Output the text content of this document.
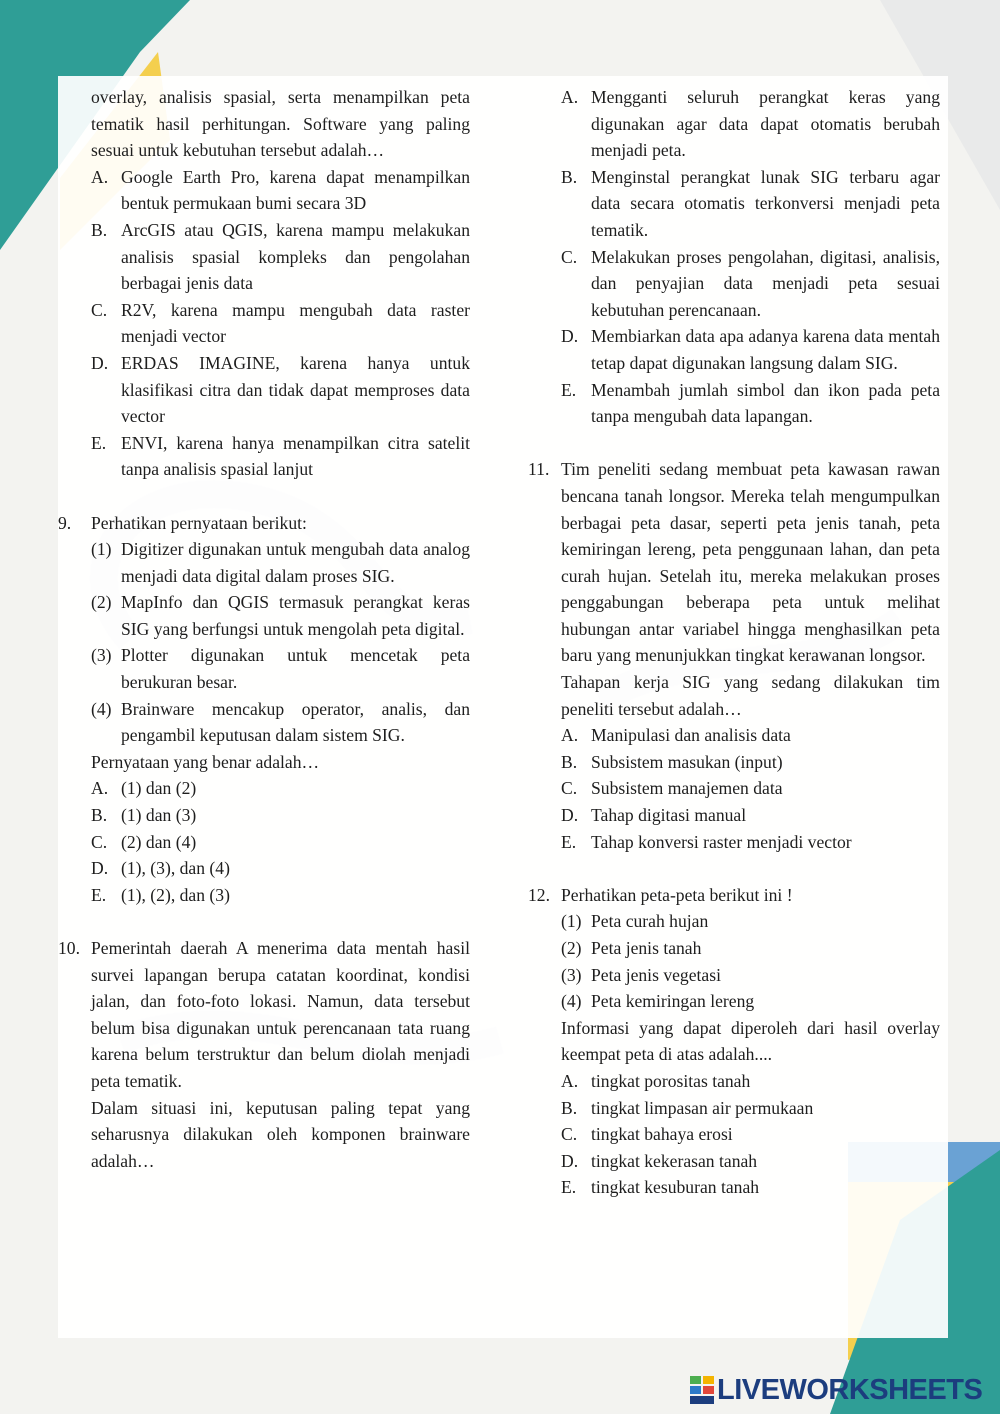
overlay, analisis spasial, serta menampilkan peta tematik hasil perhitungan. Software yang paling sesuai untuk kebutuhan tersebut adalah…

A. Google Earth Pro, karena dapat menampilkan bentuk permukaan bumi secara 3D
B. ArcGIS atau QGIS, karena mampu melakukan analisis spasial kompleks dan pengolahan berbagai jenis data
C. R2V, karena mampu mengubah data raster menjadi vector
D. ERDAS IMAGINE, karena hanya untuk klasifikasi citra dan tidak dapat memproses data vector
E. ENVI, karena hanya menampilkan citra satelit tanpa analisis spasial lanjut
9.	Perhatikan pernyataan berikut:
(1) Digitizer digunakan untuk mengubah data analog menjadi data digital dalam proses SIG.
(2) MapInfo dan QGIS termasuk perangkat keras SIG yang berfungsi untuk mengolah peta digital.
(3) Plotter digunakan untuk mencetak peta berukuran besar.
(4) Brainware mencakup operator, analis, dan pengambil keputusan dalam sistem SIG.

Pernyataan yang benar adalah…

A. (1) dan (2)
B. (1) dan (3)
C. (2) dan (4)
D. (1), (3), dan (4)
E. (1), (2), dan (3)
10. Pemerintah daerah A menerima data mentah hasil survei lapangan berupa catatan koordinat, kondisi jalan, dan foto-foto lokasi. Namun, data tersebut belum bisa digunakan untuk perencanaan tata ruang karena belum terstruktur dan belum diolah menjadi peta tematik.

Dalam situasi ini, keputusan paling tepat yang seharusnya dilakukan oleh komponen brainware adalah…

A. Mengganti seluruh perangkat keras yang digunakan agar data dapat otomatis berubah menjadi peta.
B. Menginstal perangkat lunak SIG terbaru agar data secara otomatis terkonversi menjadi peta tematik.
C. Melakukan proses pengolahan, digitasi, analisis, dan penyajian data menjadi peta sesuai kebutuhan perencanaan.
D. Membiarkan data apa adanya karena data mentah tetap dapat digunakan langsung dalam SIG.
E. Menambah jumlah simbol dan ikon pada peta tanpa mengubah data lapangan.
11. Tim peneliti sedang membuat peta kawasan rawan bencana tanah longsor. Mereka telah mengumpulkan berbagai peta dasar, seperti peta jenis tanah, peta kemiringan lereng, peta penggunaan lahan, dan peta curah hujan. Setelah itu, mereka melakukan proses penggabungan beberapa peta untuk melihat hubungan antar variabel hingga menghasilkan peta baru yang menunjukkan tingkat kerawanan longsor.

Tahapan kerja SIG yang sedang dilakukan tim peneliti tersebut adalah…

A. Manipulasi dan analisis data
B. Subsistem masukan (input)
C. Subsistem manajemen data
D. Tahap digitasi manual
E. Tahap konversi raster menjadi vector
12. Perhatikan peta-peta berikut ini !
(1) Peta curah hujan
(2) Peta jenis tanah
(3) Peta jenis vegetasi
(4) Peta kemiringan lereng

Informasi yang dapat diperoleh dari hasil overlay keempat peta di atas adalah....

A. tingkat porositas tanah
B. tingkat limpasan air permukaan
C. tingkat bahaya erosi
D. tingkat kekerasan tanah
E. tingkat kesuburan tanah
LIVEWORKSHEETS
